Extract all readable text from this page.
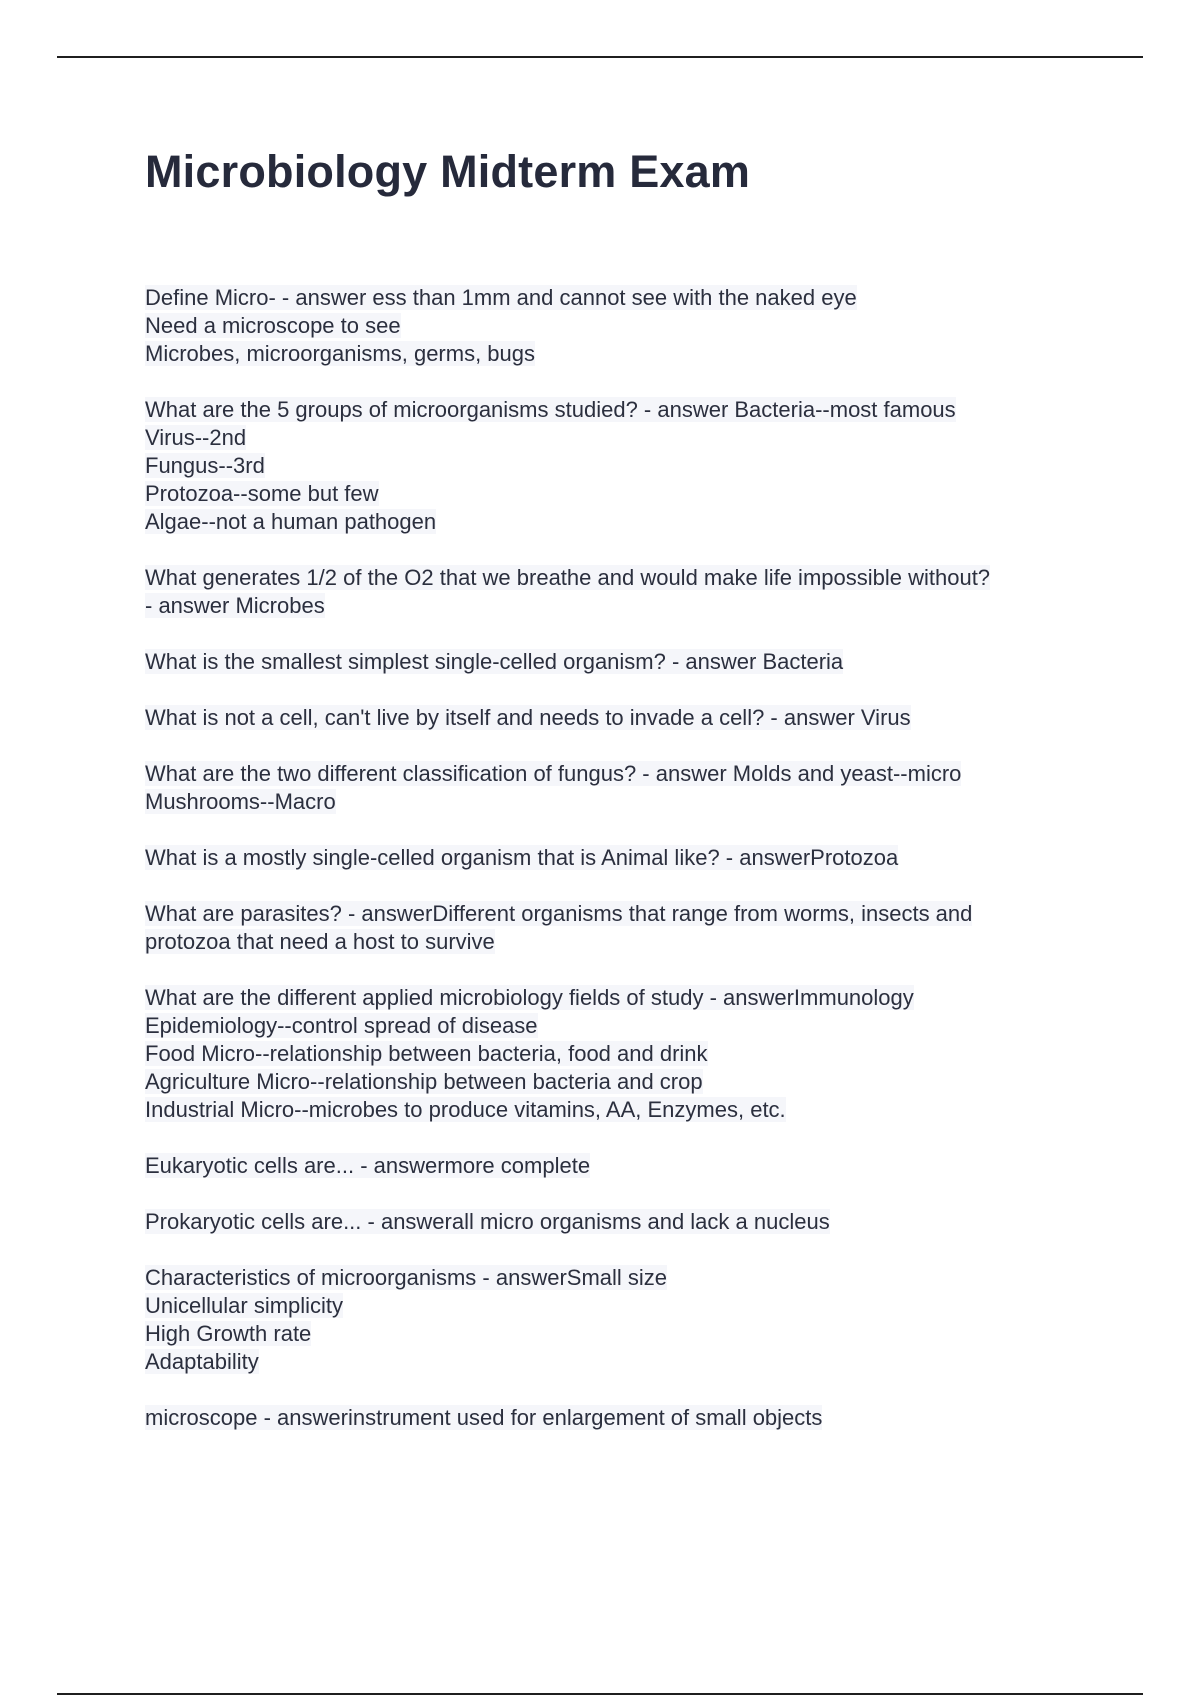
Microbiology Midterm Exam
Define Micro- - answer ess than 1mm and cannot see with the naked eye
Need a microscope to see
Microbes, microorganisms, germs, bugs
What are the 5 groups of microorganisms studied? - answer Bacteria--most famous
Virus--2nd
Fungus--3rd
Protozoa--some but few
Algae--not a human pathogen
What generates 1/2 of the O2 that we breathe and would make life impossible without?
- answer Microbes
What is the smallest simplest single-celled organism? - answer Bacteria
What is not a cell, can't live by itself and needs to invade a cell? - answer Virus
What are the two different classification of fungus? - answer Molds and yeast--micro
Mushrooms--Macro
What is a mostly single-celled organism that is Animal like? - answerProtozoa
What are parasites? - answerDifferent organisms that range from worms, insects and
protozoa that need a host to survive
What are the different applied microbiology fields of study - answerImmunology
Epidemiology--control spread of disease
Food Micro--relationship between bacteria, food and drink
Agriculture Micro--relationship between bacteria and crop
Industrial Micro--microbes to produce vitamins, AA, Enzymes, etc.
Eukaryotic cells are... - answermore complete
Prokaryotic cells are... - answerall micro organisms and lack a nucleus
Characteristics of microorganisms - answerSmall size
Unicellular simplicity
High Growth rate
Adaptability
microscope - answerinstrument used for enlargement of small objects
